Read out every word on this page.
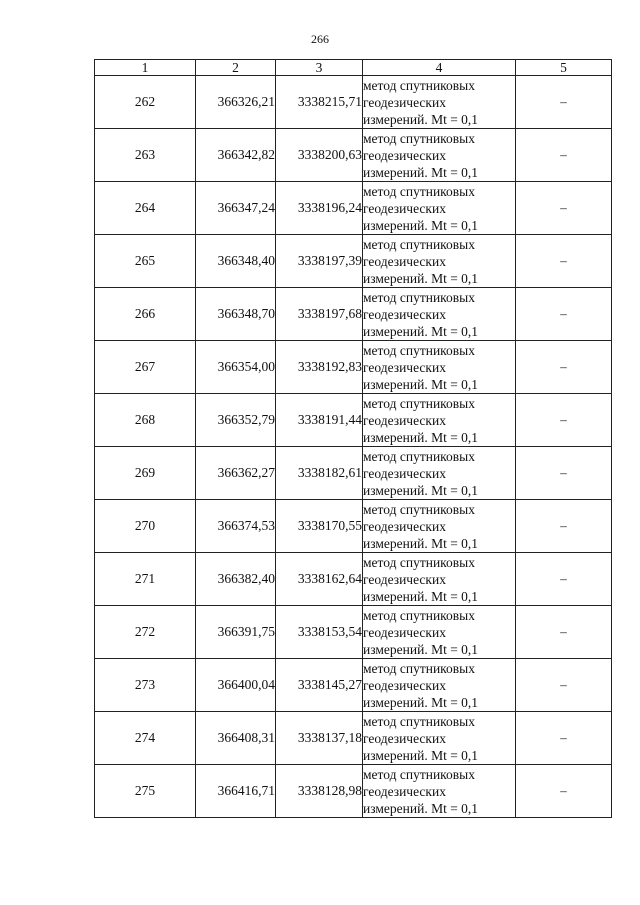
266
1	2	3	4	5
262	366326,21	3338215,71	метод спутниковых
геодезических
измерений. Mt = 0,1	–
263	366342,82	3338200,63	метод спутниковых
геодезических
измерений. Mt = 0,1	–
264	366347,24	3338196,24	метод спутниковых
геодезических
измерений. Mt = 0,1	–
265	366348,40	3338197,39	метод спутниковых
геодезических
измерений. Mt = 0,1	–
266	366348,70	3338197,68	метод спутниковых
геодезических
измерений. Mt = 0,1	–
267	366354,00	3338192,83	метод спутниковых
геодезических
измерений. Mt = 0,1	–
268	366352,79	3338191,44	метод спутниковых
геодезических
измерений. Mt = 0,1	–
269	366362,27	3338182,61	метод спутниковых
геодезических
измерений. Mt = 0,1	–
270	366374,53	3338170,55	метод спутниковых
геодезических
измерений. Mt = 0,1	–
271	366382,40	3338162,64	метод спутниковых
геодезических
измерений. Mt = 0,1	–
272	366391,75	3338153,54	метод спутниковых
геодезических
измерений. Mt = 0,1	–
273	366400,04	3338145,27	метод спутниковых
геодезических
измерений. Mt = 0,1	–
274	366408,31	3338137,18	метод спутниковых
геодезических
измерений. Mt = 0,1	–
275	366416,71	3338128,98	метод спутниковых
геодезических
измерений. Mt = 0,1	–
